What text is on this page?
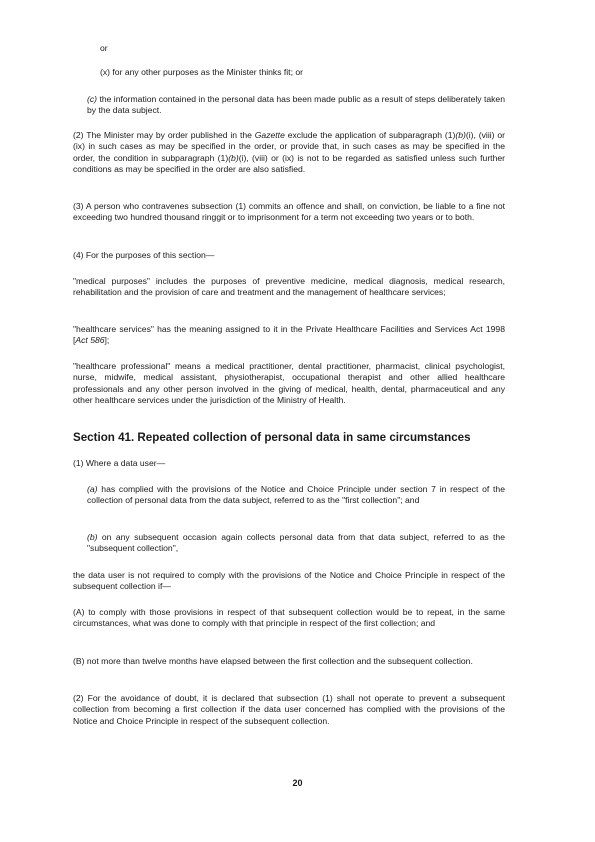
or

(x) for any other purposes as the Minister thinks fit; or

(c) the information contained in the personal data has been made public as a result of steps deliberately taken by the data subject.

(2) The Minister may by order published in the Gazette exclude the application of subparagraph (1)(b)(i), (viii) or (ix) in such cases as may be specified in the order, or provide that, in such cases as may be specified in the order, the condition in subparagraph (1)(b)(i), (viii) or (ix) is not to be regarded as satisfied unless such further conditions as may be specified in the order are also satisfied.

(3) A person who contravenes subsection (1) commits an offence and shall, on conviction, be liable to a fine not exceeding two hundred thousand ringgit or to imprisonment for a term not exceeding two years or to both.

(4) For the purposes of this section—

"medical purposes" includes the purposes of preventive medicine, medical diagnosis, medical research, rehabilitation and the provision of care and treatment and the management of healthcare services;

"healthcare services" has the meaning assigned to it in the Private Healthcare Facilities and Services Act 1998 [Act 586];

"healthcare professional" means a medical practitioner, dental practitioner, pharmacist, clinical psychologist, nurse, midwife, medical assistant, physiotherapist, occupational therapist and other allied healthcare professionals and any other person involved in the giving of medical, health, dental, pharmaceutical and any other healthcare services under the jurisdiction of the Ministry of Health.

Section 41. Repeated collection of personal data in same circumstances

(1) Where a data user—

(a) has complied with the provisions of the Notice and Choice Principle under section 7 in respect of the collection of personal data from the data subject, referred to as the "first collection"; and

(b) on any subsequent occasion again collects personal data from that data subject, referred to as the "subsequent collection",

the data user is not required to comply with the provisions of the Notice and Choice Principle in respect of the subsequent collection if—

(A) to comply with those provisions in respect of that subsequent collection would be to repeat, in the same circumstances, what was done to comply with that principle in respect of the first collection; and

(B) not more than twelve months have elapsed between the first collection and the subsequent collection.

(2) For the avoidance of doubt, it is declared that subsection (1) shall not operate to prevent a subsequent collection from becoming a first collection if the data user concerned has complied with the provisions of the Notice and Choice Principle in respect of the subsequent collection.

20
